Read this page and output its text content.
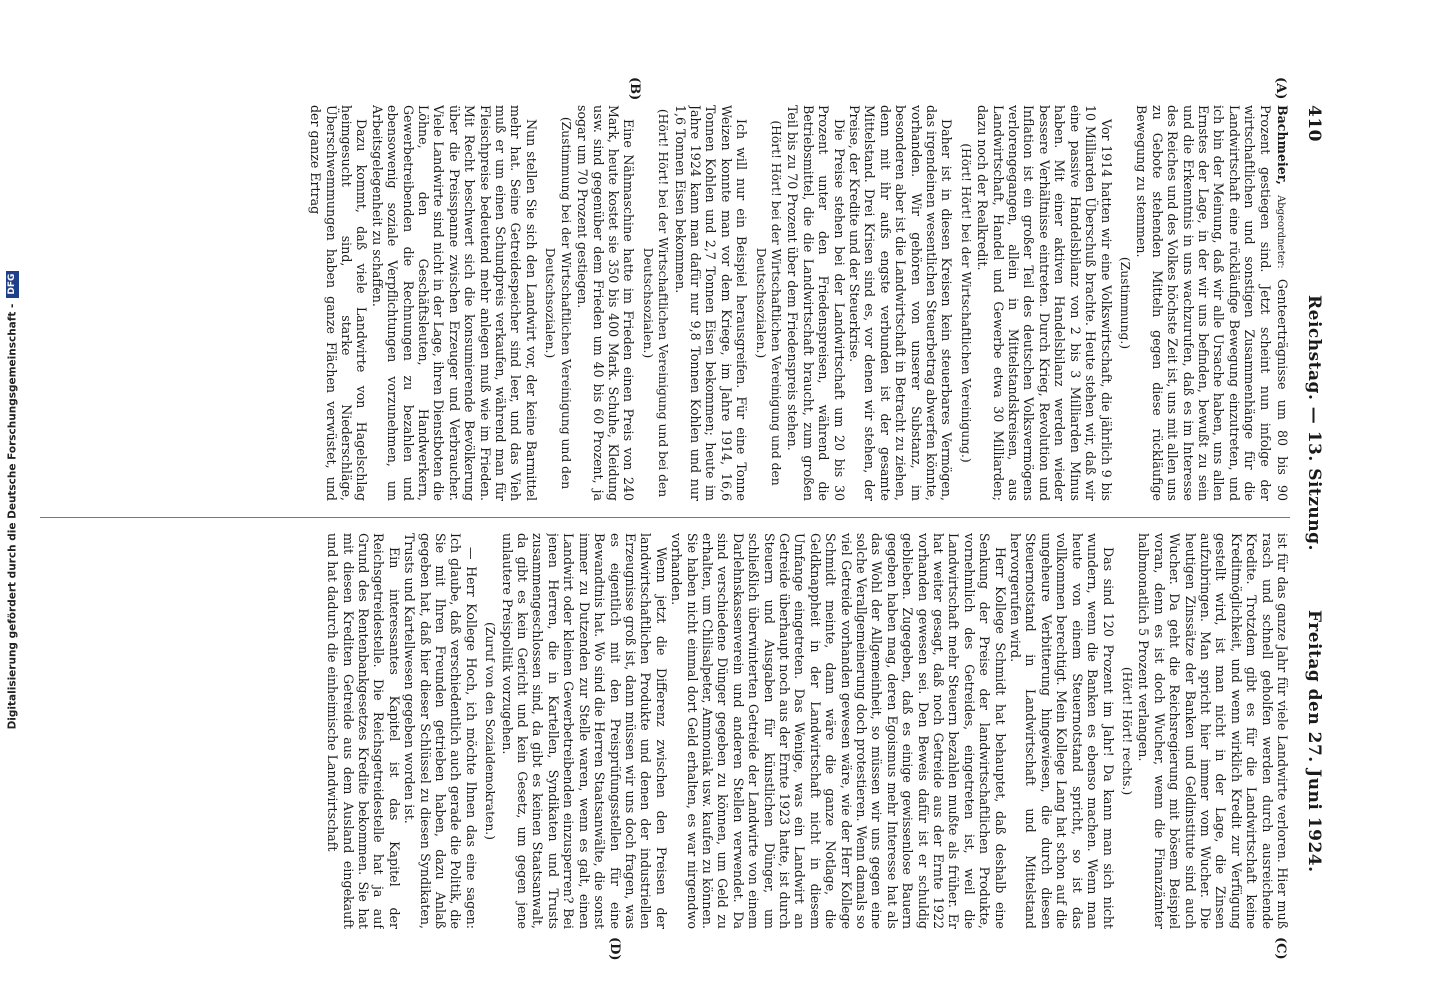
410
Reichstag. — 13. Sitzung.
Freitag den 27. Juni 1924.
(A)
(B)
(C)
(D)

Bachmeier, Abgeordneter: Genteerträgnisse um 80 bis 90 Prozent gestiegen sind. Jetzt scheint nun infolge der wirtschaftlichen und sonstigen Zusammenhänge für die Landwirtschaft eine rückläufige Bewegung einzutreten, und ich bin der Meinung, daß wir alle Ursache haben, uns allen Ernstes der Lage, in der wir uns befinden, bewußt zu sein und die Erkenntnis in uns wachzurufen, daß es im Interesse des Reiches und des Volkes höchste Zeit ist, uns mit allen uns zu Gebote stehenden Mitteln gegen diese rückläufige Bewegung zu stemmen.

(Zustimmung.)

Vor 1914 hatten wir eine Volkswirtschaft, die jährlich 9 bis 10 Milliarden Überschuß brachte. Heute stehen wir, daß wir eine passive Handelsbilanz von 2 bis 3 Milliarden Minus haben. Mit einer aktiven Handelsbilanz werden wieder bessere Verhältnisse eintreten. Durch Krieg, Revolution und Inflation ist ein großer Teil des deutschen Volksvermögens verlorengegangen, allein in Mittelstandskreisen, aus Landwirtschaft, Handel und Gewerbe etwa 30 Milliarden; dazu noch der Realkredit.

(Hört! Hört! bei der Wirtschaftlichen Vereinigung.)

Daher ist in diesen Kreisen kein steuerbares Vermögen, das irgendeinen wesentlichen Steuerbetrag abwerfen könnte, vorhanden. Wir gehören von unserer Substanz, im besonderen aber ist die Landwirtschaft in Betracht zu ziehen, denn mit ihr aufs engste verbunden ist der gesamte Mittelstand. Drei Krisen sind es, vor denen wir stehen, der Preise, der Kredite und der Steuerkrise.

Die Preise stehen bei der Landwirtschaft um 20 bis 30 Prozent unter den Friedenspreisen, während die Betriebsmittel, die die Landwirtschaft braucht, zum großen Teil bis zu 70 Prozent über dem Friedenspreis stehen.

(Hört! Hört! bei der Wirtschaftlichen Vereinigung und den Deutschsozialen.)

Ich will nur ein Beispiel herausgreifen. Für eine Tonne Weizen konnte man vor dem Kriege, im Jahre 1914, 16,6 Tonnen Kohlen und 2,7 Tonnen Eisen bekommen; heute im Jahre 1924 kann man dafür nur 9,8 Tonnen Kohlen und nur 1,6 Tonnen Eisen bekommen.

(Hört! Hört! bei der Wirtschaftlichen Vereinigung und bei den Deutschsozialen.)

Eine Nähmaschine hatte im Frieden einen Preis von 240 Mark, heute kostet sie 350 bis 400 Mark. Schuhe, Kleidung usw. sind gegenüber dem Frieden um 40 bis 60 Prozent, ja sogar um 70 Prozent gestiegen.

(Zustimmung bei der Wirtschaftlichen Vereinigung und den Deutschsozialen.)

Nun stellen Sie sich den Landwirt vor, der keine Barmittel mehr hat. Seine Getreidespeicher sind leer, und das Vieh muß er um einen Schundpreis verkaufen, während man für Fleischpreise bedeutend mehr anlegen muß wie im Frieden. Mit Recht beschwert sich die konsumierende Bevölkerung über die Preisspanne zwischen Erzeuger und Verbraucher. Viele Landwirte sind nicht in der Lage, ihren Dienstboten die Löhne, den Geschäftsleuten, Handwerkern, Gewerbetreibenden die Rechnungen zu bezahlen und ebensowenig soziale Verpflichtungen vorzunehmen, um Arbeitsgelegenheit zu schaffen.

Dazu kommt, daß viele Landwirte von Hagelschlag heimgesucht sind, starke Niederschläge, Überschwemmungen haben ganze Flächen verwüstet, und der ganze Ertrag

ist für das ganze Jahr für viele Landwirte verloren. Hier muß rasch und schnell geholfen werden durch ausreichende Kredite. Trotzdem gibt es für die Landwirtschaft keine Kreditmöglichkeit, und wenn wirklich Kredit zur Verfügung gestellt wird, ist man nicht in der Lage, die Zinsen aufzubringen. Man spricht hier immer vom Wucher. Die heutigen Zinssätze der Banken und Geldinstitute sind auch Wucher. Da geht die Reichsregierung mit bösem Beispiel voran, denn es ist doch Wucher, wenn die Finanzämter halbmonatlich 5 Prozent verlangen.

(Hört! Hört! rechts.)

Das sind 120 Prozent im Jahr! Da kann man sich nicht wundern, wenn die Banken es ebenso machen. Wenn man heute von einem Steuernotstand spricht, so ist das vollkommen berechtigt. Mein Kollege Lang hat schon auf die ungeheure Verbitterung hingewiesen, die durch diesen Steuernotstand in Landwirtschaft und Mittelstand hervorgerufen wird.

Herr Kollege Schmidt hat behauptet, daß deshalb eine Senkung der Preise der landwirtschaftlichen Produkte, vornehmlich des Getreides, eingetreten ist, weil die Landwirtschaft mehr Steuern bezahlen mußte als früher. Er hat weiter gesagt, daß noch Getreide aus der Ernte 1922 vorhanden gewesen sei. Den Beweis dafür ist er schuldig geblieben. Zugegeben, daß es einige gewissenlose Bauern gegeben haben mag, deren Egoismus mehr Interesse hat als das Wohl der Allgemeinheit, so müssen wir uns gegen eine solche Verallgemeinerung doch protestieren. Wenn damals so viel Getreide vorhanden gewesen wäre, wie der Herr Kollege Schmidt meinte, dann wäre die ganze Notlage, die Geldknappheit in der Landwirtschaft nicht in diesem Umfange eingetreten. Das Wenige, was ein Landwirt an Getreide überhaupt noch aus der Ernte 1923 hatte, ist durch Steuern und Ausgaben für künstlichen Dünger, um schließlich überwinterten Getreide der Landwirte von einem Darlehnskassenverein und anderen Stellen verwendet. Da sind verschiedene Dünger gegeben zu können, um Geld zu erhalten, um Chilisalpeter, Ammoniak usw. kaufen zu können. Sie haben nicht einmal dort Geld erhalten, es war nirgendwo vorhanden.

Wenn jetzt die Differenz zwischen den Preisen der landwirtschaftlichen Produkte und denen der industriellen Erzeugnisse groß ist, dann müssen wir uns doch fragen, was es eigentlich mit den Preisprüfungsstellen für eine Bewandtnis hat. Wo sind die Herren Staatsanwälte, die sonst immer zu Dutzenden zur Stelle waren, wenn es galt, einen Landwirt oder kleinen Gewerbetreibenden einzusperren? Bei jenen Herren, die in Kartellen, Syndikaten und Trusts zusammengeschlossen sind, da gibt es keinen Staatsanwalt, da gibt es kein Gericht und kein Gesetz, um gegen jene unlautere Preispolitik vorzugehen.

(Zuruf von den Sozialdemokraten.)

— Herr Kollege Hoch, ich möchte Ihnen das eine sagen: Ich glaube, daß verschiedentlich auch gerade die Politik, die Sie mit Ihren Freunden getrieben haben, dazu Anlaß gegeben hat, daß hier dieser Schlüssel zu diesen Syndikaten, Trusts und Kartellwesen gegeben worden ist.

Ein interessantes Kapitel ist das Kapitel der Reichsgetreidestelle. Die Reichsgetreidestelle hat ja auf Grund des Rentenbankgesetzes Kredite bekommen. Sie hat mit diesen Krediten Getreide aus dem Ausland eingekauft und hat dadurch die einheimische Landwirtschaft

Digitalisierung gefördert durch die Deutsche Forschungsgemeinschaft -DFG
